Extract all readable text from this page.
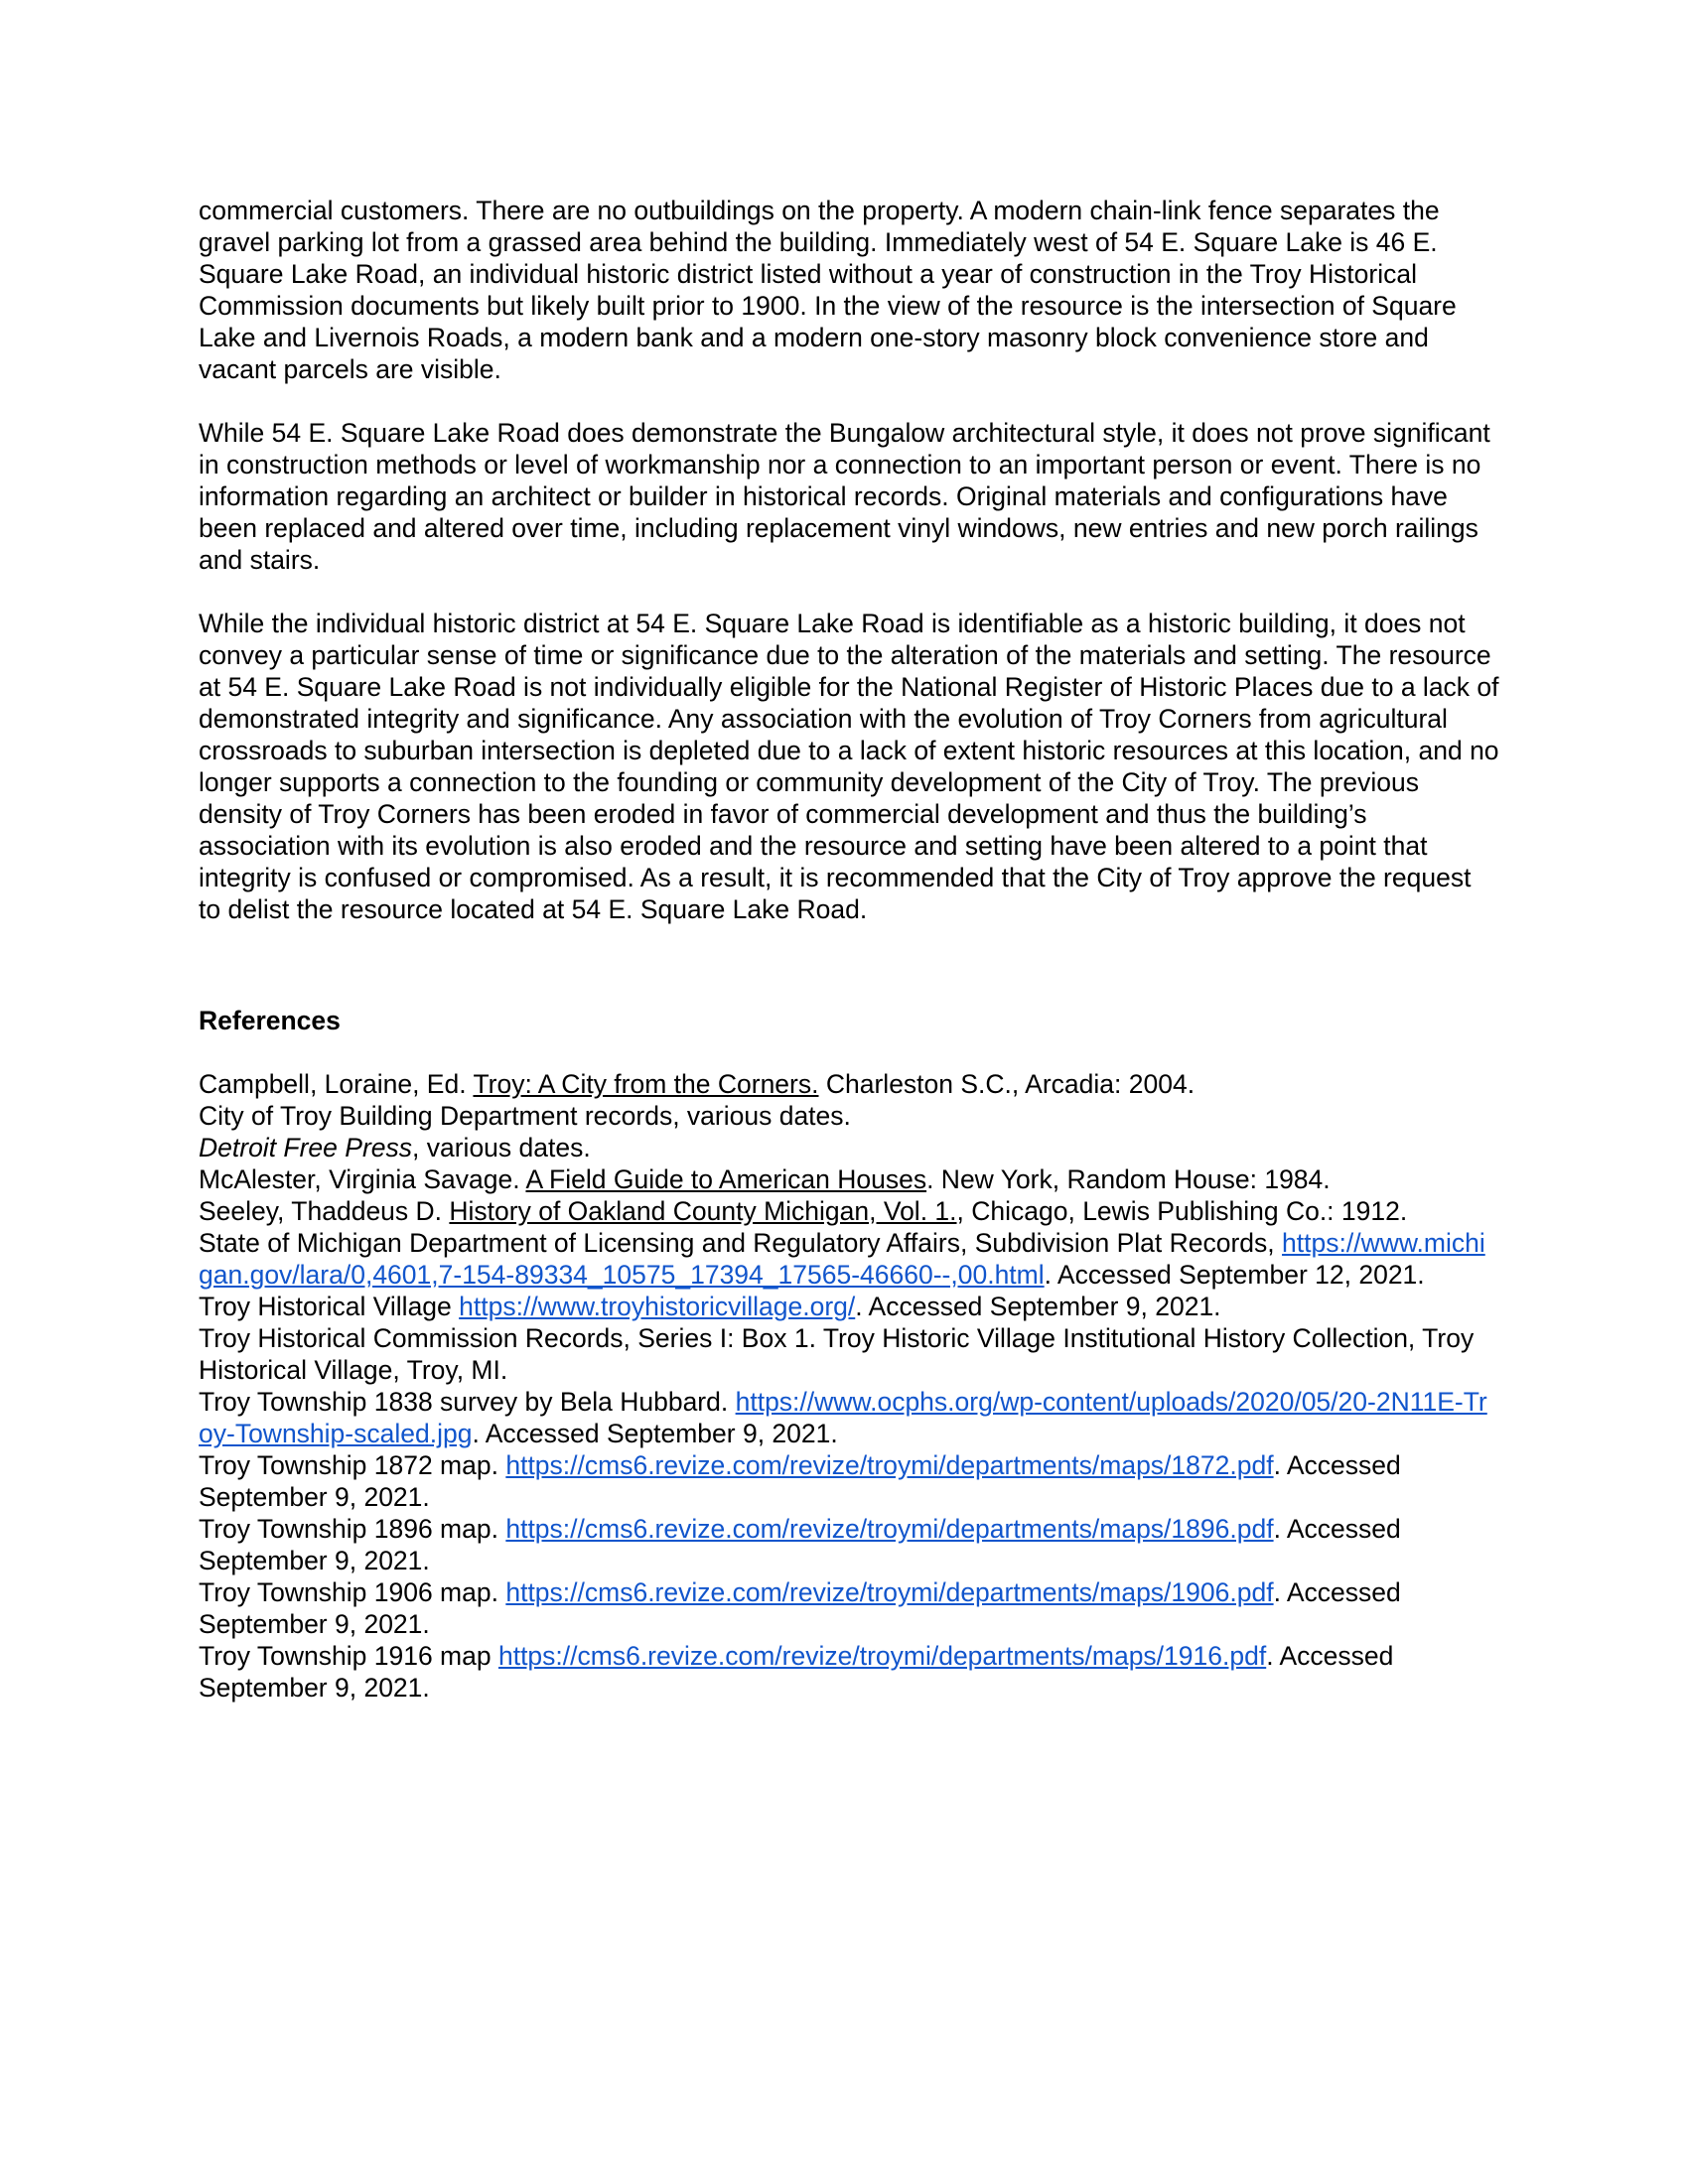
commercial customers. There are no outbuildings on the property. A modern chain-link fence separates the gravel parking lot from a grassed area behind the building. Immediately west of 54 E. Square Lake is 46 E. Square Lake Road, an individual historic district listed without a year of construction in the Troy Historical Commission documents but likely built prior to 1900. In the view of the resource is the intersection of Square Lake and Livernois Roads, a modern bank and a modern one-story masonry block convenience store and vacant parcels are visible.

While 54 E. Square Lake Road does demonstrate the Bungalow architectural style, it does not prove significant in construction methods or level of workmanship nor a connection to an important person or event. There is no information regarding an architect or builder in historical records. Original materials and configurations have been replaced and altered over time, including replacement vinyl windows, new entries and new porch railings and stairs.

While the individual historic district at 54 E. Square Lake Road is identifiable as a historic building, it does not convey a particular sense of time or significance due to the alteration of the materials and setting. The resource at 54 E. Square Lake Road is not individually eligible for the National Register of Historic Places due to a lack of demonstrated integrity and significance. Any association with the evolution of Troy Corners from agricultural crossroads to suburban intersection is depleted due to a lack of extent historic resources at this location, and no longer supports a connection to the founding or community development of the City of Troy. The previous density of Troy Corners has been eroded in favor of commercial development and thus the building’s association with its evolution is also eroded and the resource and setting have been altered to a point that integrity is confused or compromised. As a result, it is recommended that the City of Troy approve the request to delist the resource located at 54 E. Square Lake Road.

References
Campbell, Loraine, Ed. Troy: A City from the Corners. Charleston S.C., Arcadia: 2004.
City of Troy Building Department records, various dates.
Detroit Free Press, various dates.
McAlester, Virginia Savage. A Field Guide to American Houses. New York, Random House: 1984.
Seeley, Thaddeus D. History of Oakland County Michigan, Vol. 1., Chicago, Lewis Publishing Co.: 1912.
State of Michigan Department of Licensing and Regulatory Affairs, Subdivision Plat Records, https://www.michigan.gov/lara/0,4601,7-154-89334_10575_17394_17565-46660--,00.html. Accessed September 12, 2021.
Troy Historical Village https://www.troyhistoricvillage.org/. Accessed September 9, 2021.
Troy Historical Commission Records, Series I: Box 1. Troy Historic Village Institutional History Collection, Troy Historical Village, Troy, MI.
Troy Township 1838 survey by Bela Hubbard. https://www.ocphs.org/wp-content/uploads/2020/05/20-2N11E-Troy-Township-scaled.jpg. Accessed September 9, 2021.
Troy Township 1872 map. https://cms6.revize.com/revize/troymi/departments/maps/1872.pdf. Accessed September 9, 2021.
Troy Township 1896 map. https://cms6.revize.com/revize/troymi/departments/maps/1896.pdf. Accessed September 9, 2021.
Troy Township 1906 map. https://cms6.revize.com/revize/troymi/departments/maps/1906.pdf. Accessed September 9, 2021.
Troy Township 1916 map https://cms6.revize.com/revize/troymi/departments/maps/1916.pdf. Accessed September 9, 2021.
